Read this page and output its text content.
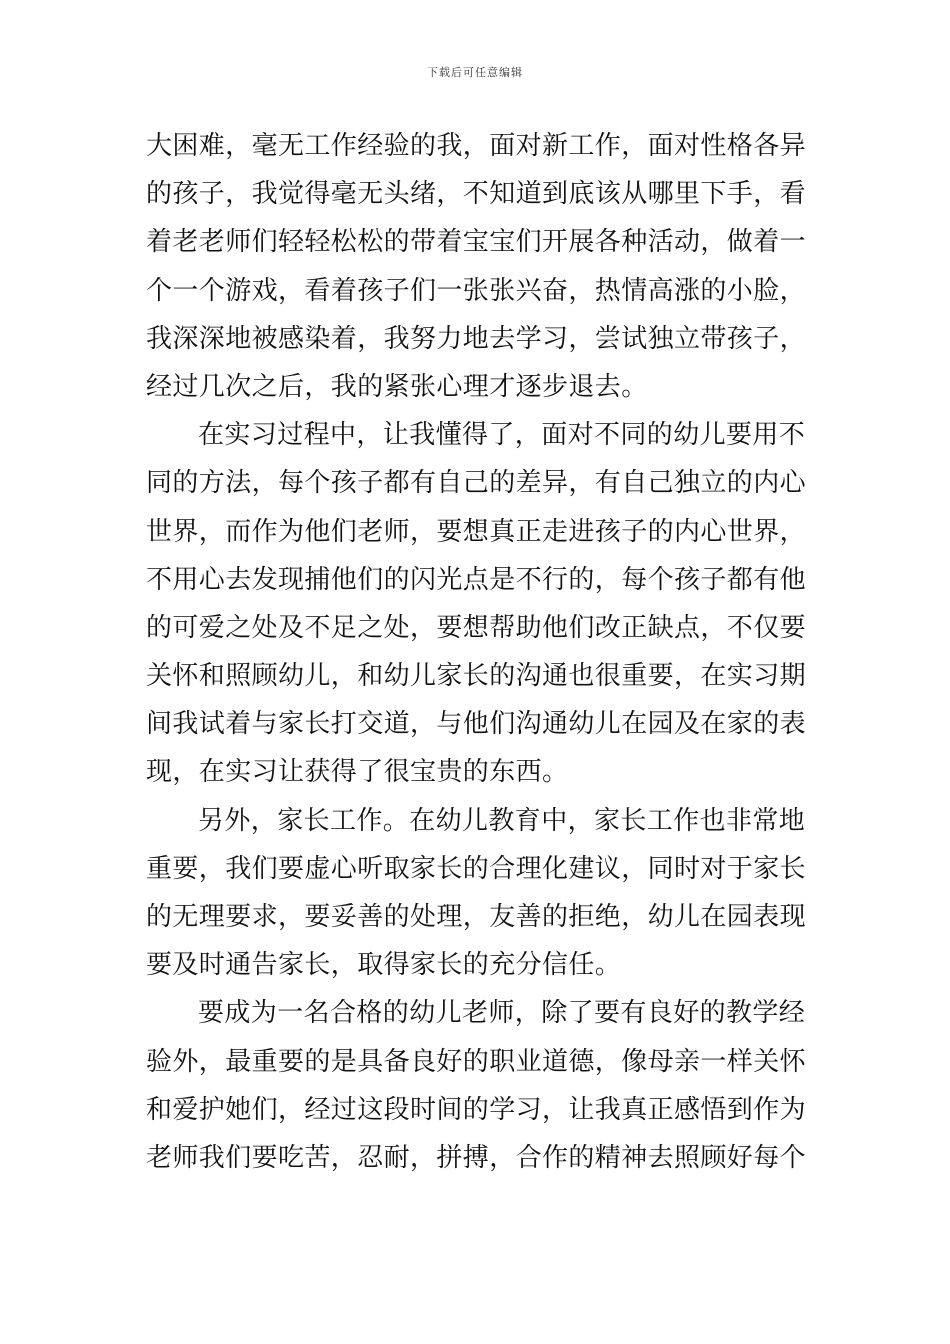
下载后可任意编辑
大困难，毫无工作经验的我，面对新工作，面对性格各异
的孩子，我觉得毫无头绪，不知道到底该从哪里下手，看
着老老师们轻轻松松的带着宝宝们开展各种活动，做着一
个一个游戏，看着孩子们一张张兴奋，热情高涨的小脸，
我深深地被感染着，我努力地去学习，尝试独立带孩子，
经过几次之后，我的紧张心理才逐步退去。
在实习过程中，让我懂得了，面对不同的幼儿要用不
同的方法，每个孩子都有自己的差异，有自己独立的内心
世界，而作为他们老师，要想真正走进孩子的内心世界，
不用心去发现捕他们的闪光点是不行的，每个孩子都有他
的可爱之处及不足之处，要想帮助他们改正缺点，不仅要
关怀和照顾幼儿，和幼儿家长的沟通也很重要，在实习期
间我试着与家长打交道，与他们沟通幼儿在园及在家的表
现，在实习让获得了很宝贵的东西。
另外，家长工作。在幼儿教育中，家长工作也非常地
重要，我们要虚心听取家长的合理化建议，同时对于家长
的无理要求，要妥善的处理，友善的拒绝，幼儿在园表现
要及时通告家长，取得家长的充分信任。
要成为一名合格的幼儿老师，除了要有良好的教学经
验外，最重要的是具备良好的职业道德，像母亲一样关怀
和爱护她们，经过这段时间的学习，让我真正感悟到作为
老师我们要吃苦，忍耐，拼搏，合作的精神去照顾好每个
